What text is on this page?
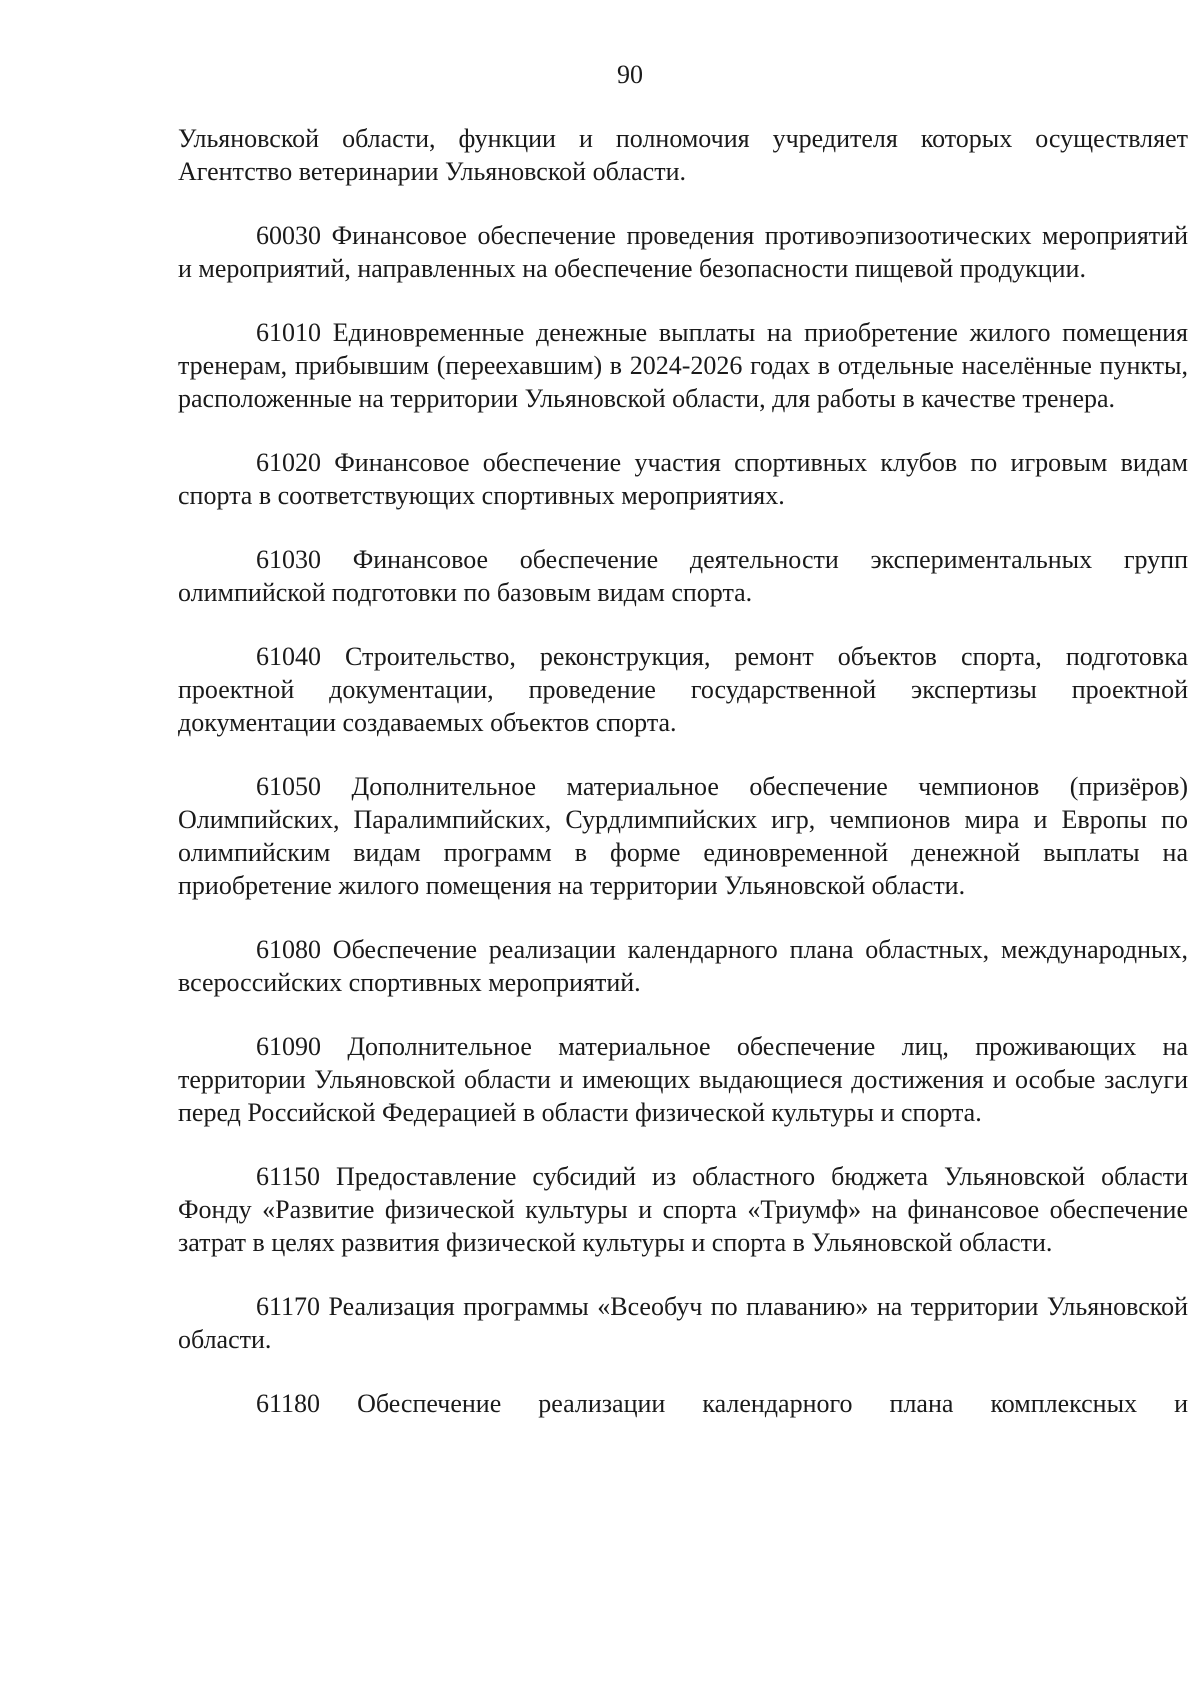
90

Ульяновской области, функции и полномочия учредителя которых осуществляет Агентство ветеринарии Ульяновской области.

60030 Финансовое обеспечение проведения противоэпизоотических мероприятий и мероприятий, направленных на обеспечение безопасности пищевой продукции.

61010 Единовременные денежные выплаты на приобретение жилого помещения тренерам, прибывшим (переехавшим) в 2024-2026 годах в отдельные населённые пункты, расположенные на территории Ульяновской области, для работы в качестве тренера.

61020 Финансовое обеспечение участия спортивных клубов по игровым видам спорта в соответствующих спортивных мероприятиях.

61030 Финансовое обеспечение деятельности экспериментальных групп олимпийской подготовки по базовым видам спорта.

61040 Строительство, реконструкция, ремонт объектов спорта, подготовка проектной документации, проведение государственной экспертизы проектной документации создаваемых объектов спорта.

61050 Дополнительное материальное обеспечение чемпионов (призёров) Олимпийских, Паралимпийских, Сурдлимпийских игр, чемпионов мира и Европы по олимпийским видам программ в форме единовременной денежной выплаты на приобретение жилого помещения на территории Ульяновской области.

61080 Обеспечение реализации календарного плана областных, международных, всероссийских спортивных мероприятий.

61090 Дополнительное материальное обеспечение лиц, проживающих на территории Ульяновской области и имеющих выдающиеся достижения и особые заслуги перед Российской Федерацией в области физической культуры и спорта.

61150 Предоставление субсидий из областного бюджета Ульяновской области Фонду «Развитие физической культуры и спорта «Триумф» на финансовое обеспечение затрат в целях развития физической культуры и спорта в Ульяновской области.

61170 Реализация программы «Всеобуч по плаванию» на территории Ульяновской области.

61180 Обеспечение реализации календарного плана комплексных и
